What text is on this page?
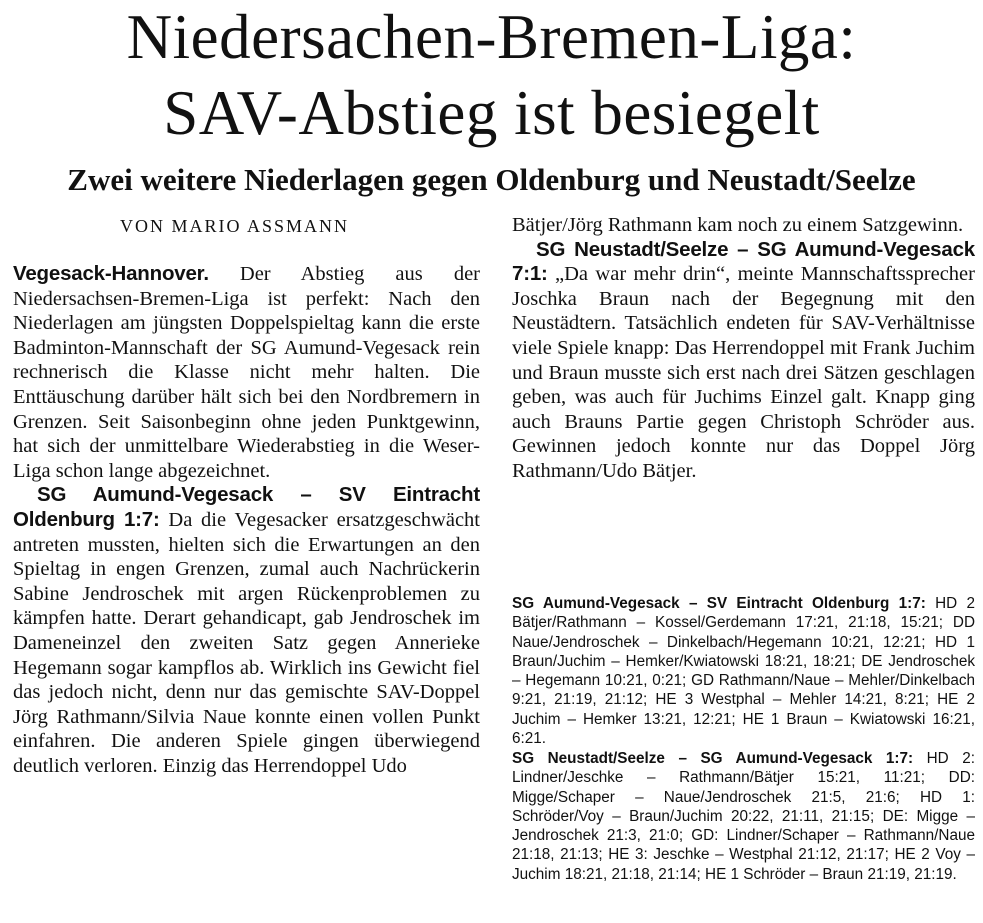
Niedersachen-Bremen-Liga:
SAV-Abstieg ist besiegelt
Zwei weitere Niederlagen gegen Oldenburg und Neustadt/Seelze
VON MARIO ASSMANN

Vegesack-Hannover. Der Abstieg aus der Niedersachsen-Bremen-Liga ist perfekt: Nach den Niederlagen am jüngsten Doppelspieltag kann die erste Badminton-Mannschaft der SG Aumund-Vegesack rein rechnerisch die Klasse nicht mehr halten. Die Enttäuschung darüber hält sich bei den Nordbremern in Grenzen. Seit Saisonbeginn ohne jeden Punktgewinn, hat sich der unmittelbare Wiederabstieg in die Weser-Liga schon lange abgezeichnet.

SG Aumund-Vegesack – SV Eintracht Oldenburg 1:7: Da die Vegesacker ersatzgeschwächt antreten mussten, hielten sich die Erwartungen an den Spieltag in engen Grenzen, zumal auch Nachrückerin Sabine Jendroschek mit argen Rückenproblemen zu kämpfen hatte. Derart gehandicapt, gab Jendroschek im Dameneinzel den zweiten Satz gegen Annerieke Hegemann sogar kampflos ab. Wirklich ins Gewicht fiel das jedoch nicht, denn nur das gemischte SAV-Doppel Jörg Rathmann/Silvia Naue konnte einen vollen Punkt einfahren. Die anderen Spiele gingen überwiegend deutlich verloren. Einzig das Herrendoppel Udo

Bätjer/Jörg Rathmann kam noch zu einem Satzgewinn.

SG Neustadt/Seelze – SG Aumund-Vegesack 7:1: „Da war mehr drin“, meinte Mannschaftssprecher Joschka Braun nach der Begegnung mit den Neustädtern. Tatsächlich endeten für SAV-Verhältnisse viele Spiele knapp: Das Herrendoppel mit Frank Juchim und Braun musste sich erst nach drei Sätzen geschlagen geben, was auch für Juchims Einzel galt. Knapp ging auch Brauns Partie gegen Christoph Schröder aus. Gewinnen jedoch konnte nur das Doppel Jörg Rathmann/Udo Bätjer.

SG Aumund-Vegesack – SV Eintracht Oldenburg 1:7: HD 2 Bätjer/Rathmann – Kossel/Gerdemann 17:21, 21:18, 15:21; DD Naue/Jendroschek – Dinkelbach/Hegemann 10:21, 12:21; HD 1 Braun/Juchim – Hemker/Kwiatowski 18:21, 18:21; DE Jendroschek – Hegemann 10:21, 0:21; GD Rathmann/Naue – Mehler/Dinkelbach 9:21, 21:19, 21:12; HE 3 Westphal – Mehler 14:21, 8:21; HE 2 Juchim – Hemker 13:21, 12:21; HE 1 Braun – Kwiatowski 16:21, 6:21.

SG Neustadt/Seelze – SG Aumund-Vegesack 1:7: HD 2: Lindner/Jeschke – Rathmann/Bätjer 15:21, 11:21; DD: Migge/Schaper – Naue/Jendroschek 21:5, 21:6; HD 1: Schröder/Voy – Braun/Juchim 20:22, 21:11, 21:15; DE: Migge – Jendroschek 21:3, 21:0; GD: Lindner/Schaper – Rathmann/Naue 21:18, 21:13; HE 3: Jeschke – Westphal 21:12, 21:17; HE 2 Voy – Juchim 18:21, 21:18, 21:14; HE 1 Schröder – Braun 21:19, 21:19.
